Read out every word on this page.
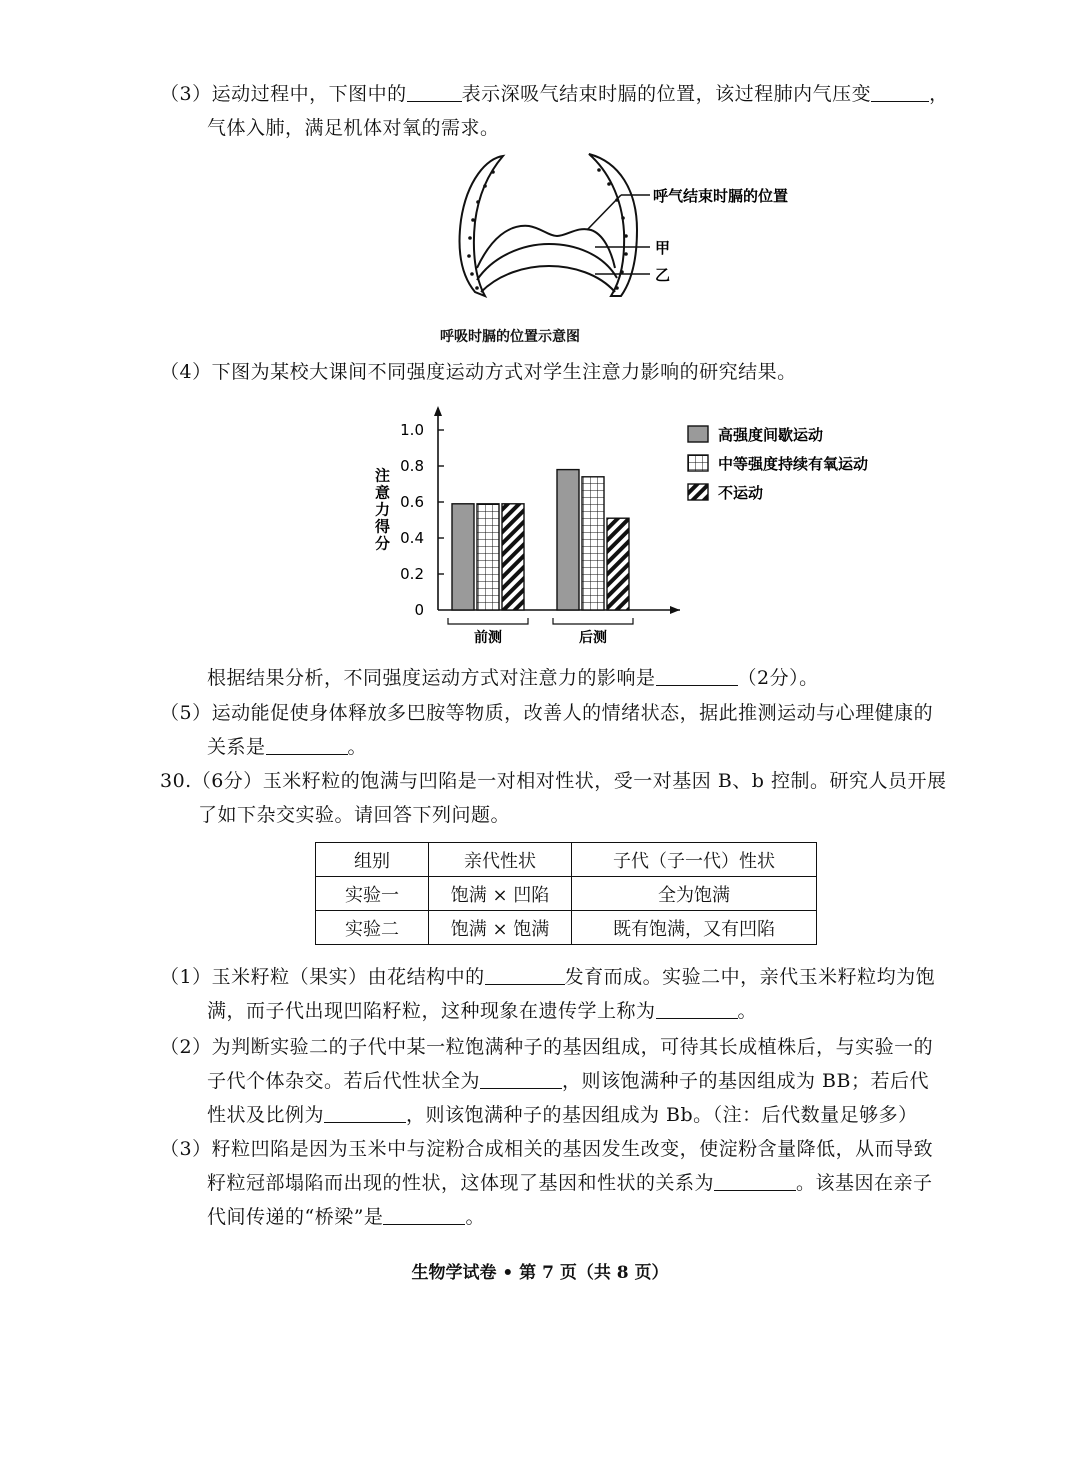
（3）运动过程中，下图中的	表示深吸气结束时膈的位置，该过程肺内气压变	，
气体入肺，满足机体对氧的需求。
呼气结束时膈的位置
甲
乙
呼吸时膈的位置示意图
（4）下图为某校大课间不同强度运动方式对学生注意力影响的研究结果。
0
0.2
0.4
0.6
0.8
1.0
注意力得分
前测	后测
高强度间歇运动
中等强度持续有氧运动
不运动
根据结果分析，不同强度运动方式对注意力的影响是	（2分）。
（5）运动能促使身体释放多巴胺等物质，改善人的情绪状态，据此推测运动与心理健康的
关系是	。
30.（6分）玉米籽粒的饱满与凹陷是一对相对性状，受一对基因 B、b 控制。研究人员开展
了如下杂交实验。请回答下列问题。
组别	亲代性状	子代（子一代）性状
实验一	饱满 × 凹陷	全为饱满
实验二	饱满 × 饱满	既有饱满，又有凹陷
（1）玉米籽粒（果实）由花结构中的	发育而成。实验二中，亲代玉米籽粒均为饱
满，而子代出现凹陷籽粒，这种现象在遗传学上称为	。
（2）为判断实验二的子代中某一粒饱满种子的基因组成，可待其长成植株后，与实验一的
子代个体杂交。若后代性状全为	，则该饱满种子的基因组成为 BB；若后代
性状及比例为	，则该饱满种子的基因组成为 Bb。（注：后代数量足够多）
（3）籽粒凹陷是因为玉米中与淀粉合成相关的基因发生改变，使淀粉含量降低，从而导致
籽粒冠部塌陷而出现的性状，这体现了基因和性状的关系为	。该基因在亲子
代间传递的“桥梁”是	。
生物学试卷 • 第 7 页（共 8 页）
